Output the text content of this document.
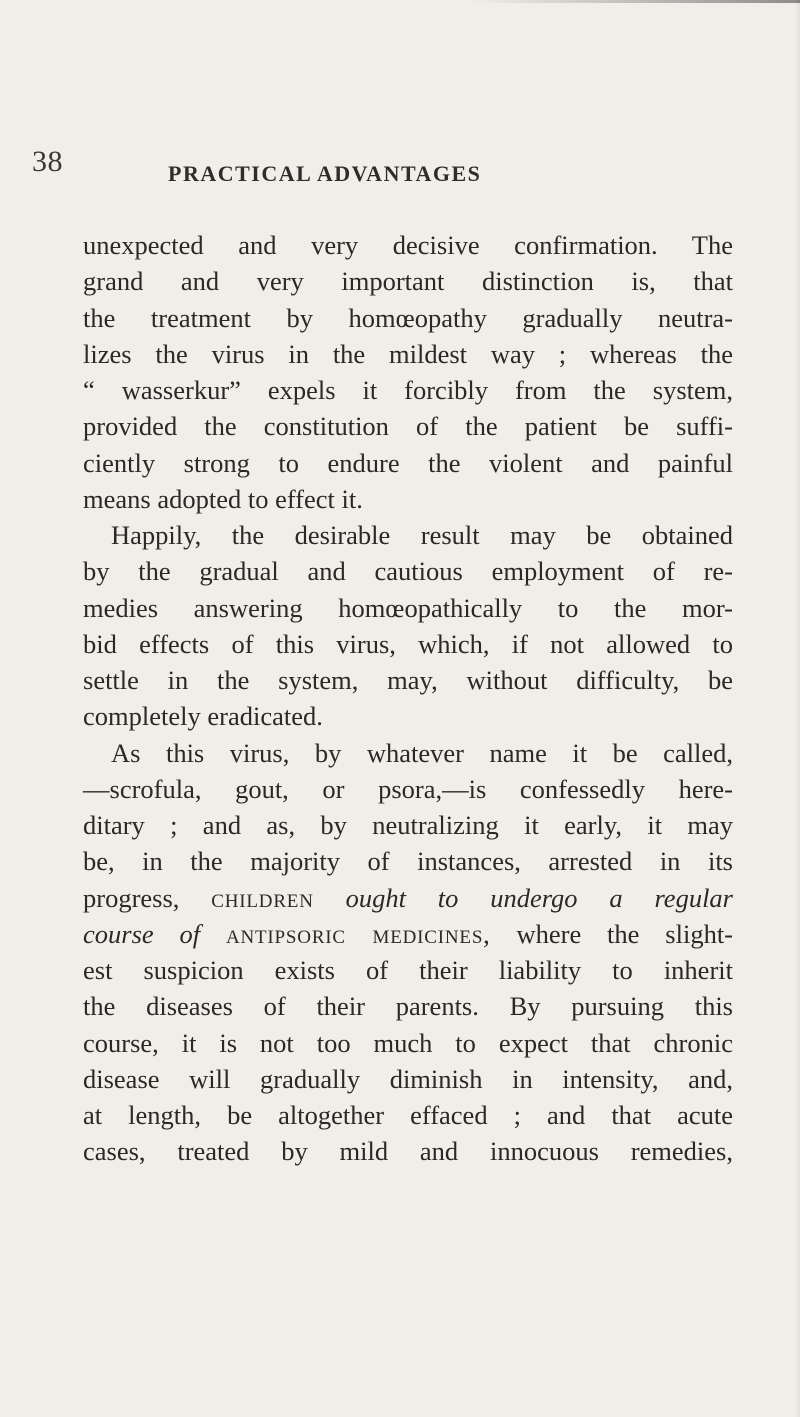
38	PRACTICAL ADVANTAGES
unexpected and very decisive confirmation. The
grand and very important distinction is, that
the treatment by homœopathy gradually neutra-
lizes the virus in the mildest way ; whereas the
“ wasserkur” expels it forcibly from the system,
provided the constitution of the patient be suffi-
ciently strong to endure the violent and painful
means adopted to effect it.
Happily, the desirable result may be obtained
by the gradual and cautious employment of re-
medies answering homœopathically to the mor-
bid effects of this virus, which, if not allowed to
settle in the system, may, without difficulty, be
completely eradicated.
As this virus, by whatever name it be called,
—scrofula, gout, or psora,—is confessedly here-
ditary ; and as, by neutralizing it early, it may
be, in the majority of instances, arrested in its
progress, children ought to undergo a regular
course of antipsoric medicines, where the slight-
est suspicion exists of their liability to inherit
the diseases of their parents. By pursuing this
course, it is not too much to expect that chronic
disease will gradually diminish in intensity, and,
at length, be altogether effaced ; and that acute
cases, treated by mild and innocuous remedies,
